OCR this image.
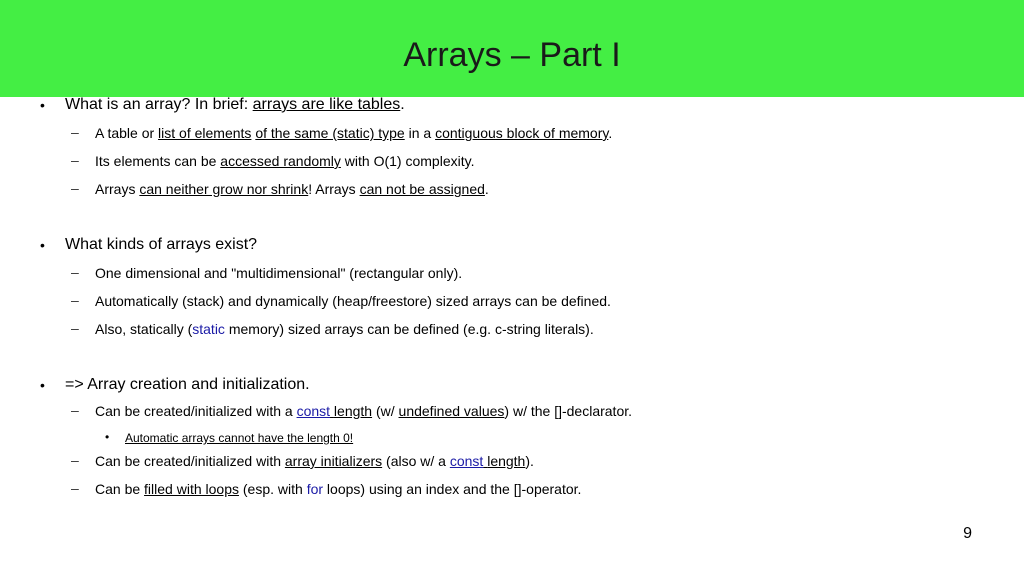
Arrays – Part I
• What is an array? In brief: arrays are like tables.
– A table or list of elements of the same (static) type in a contiguous block of memory.
– Its elements can be accessed randomly with O(1) complexity.
– Arrays can neither grow nor shrink! Arrays can not be assigned.
• What kinds of arrays exist?
– One dimensional and "multidimensional" (rectangular only).
– Automatically (stack) and dynamically (heap/freestore) sized arrays can be defined.
– Also, statically (static memory) sized arrays can be defined (e.g. c-string literals).
• => Array creation and initialization.
– Can be created/initialized with a const length (w/ undefined values) w/ the []-declarator.
• Automatic arrays cannot have the length 0!
– Can be created/initialized with array initializers (also w/ a const length).
– Can be filled with loops (esp. with for loops) using an index and the []-operator.
9
